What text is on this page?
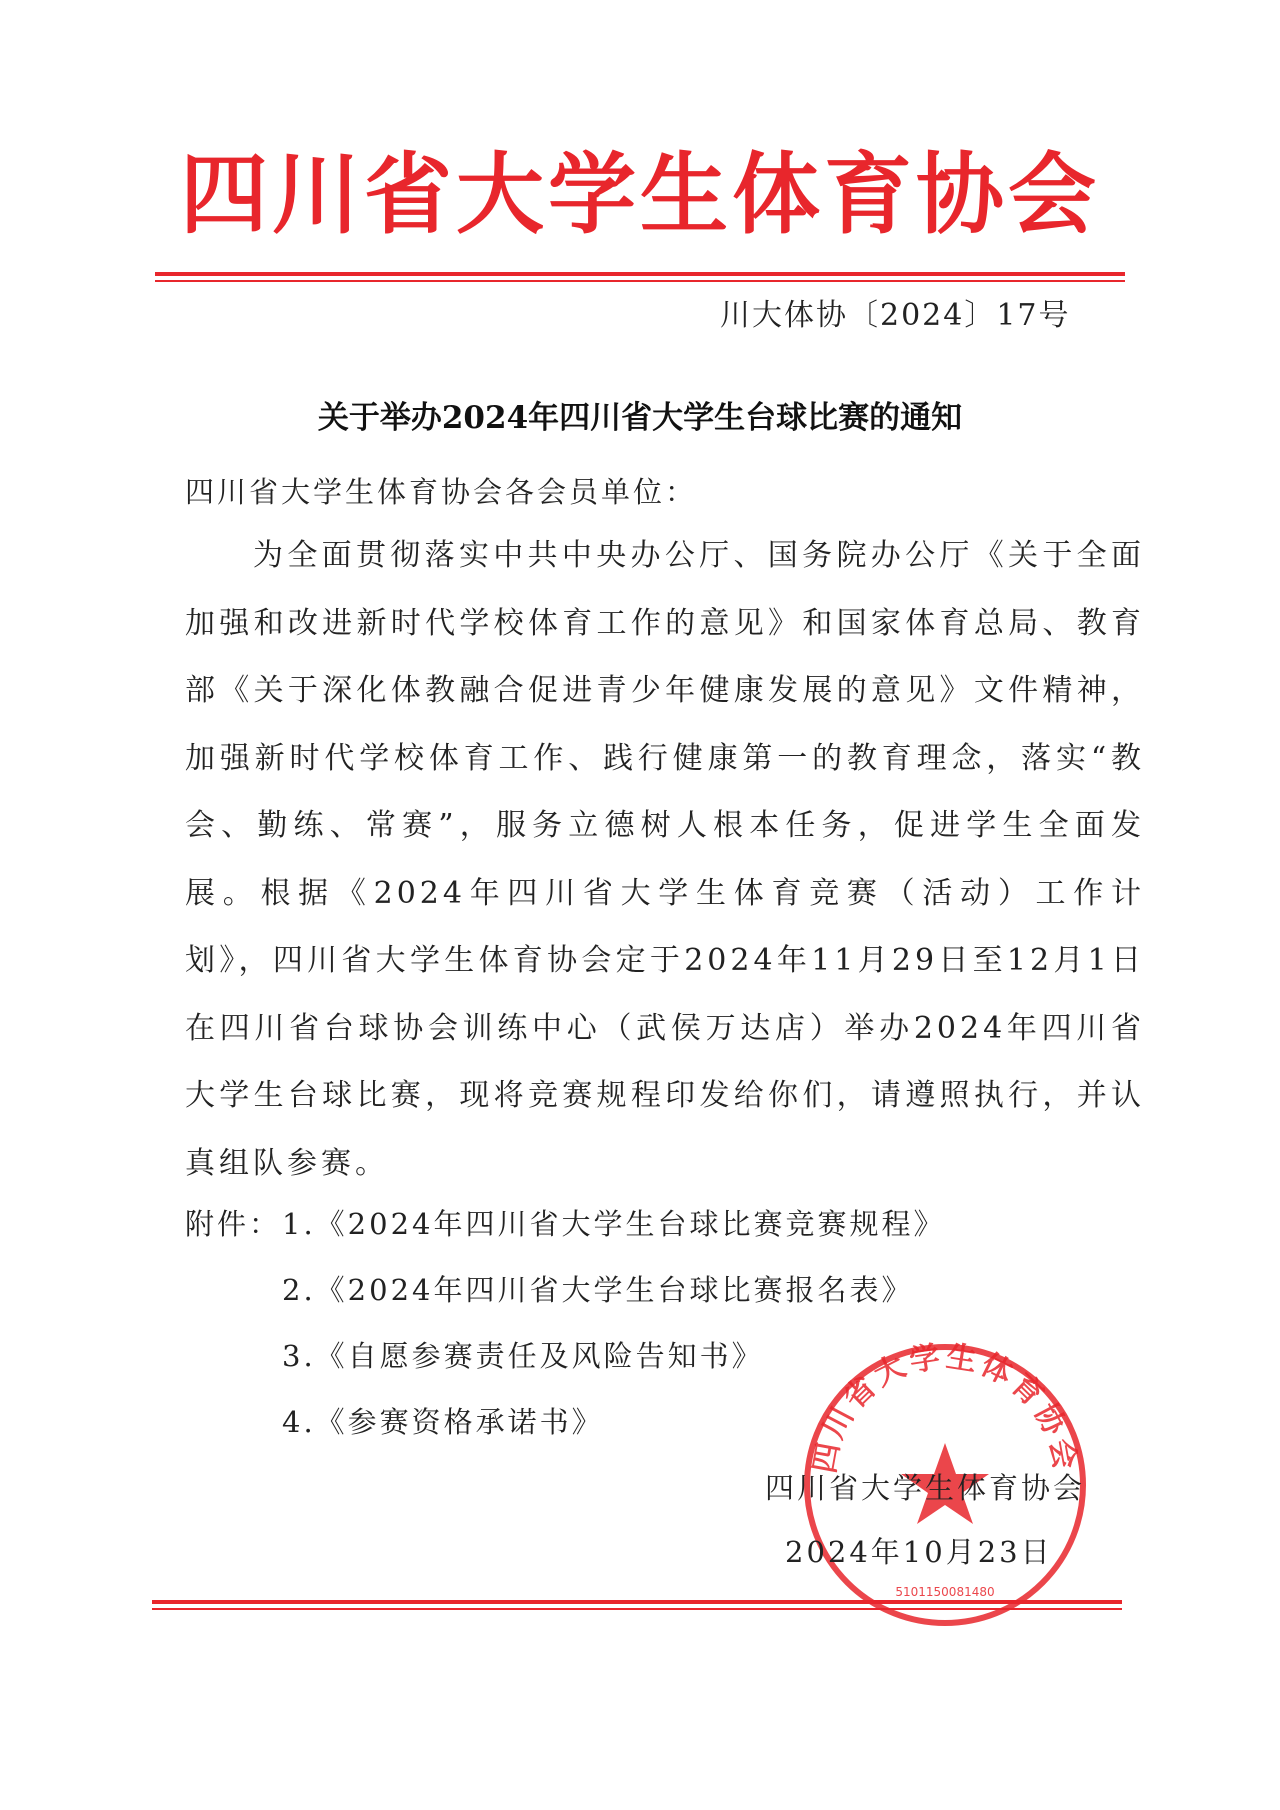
四川省大学生体育协会
川大体协〔2024〕17号
关于举办2024年四川省大学生台球比赛的通知
四川省大学生体育协会各会员单位：
为全面贯彻落实中共中央办公厅、国务院办公厅《关于全面加强和改进新时代学校体育工作的意见》和国家体育总局、教育部《关于深化体教融合促进青少年健康发展的意见》文件精神，加强新时代学校体育工作、践行健康第一的教育理念，落实“教会、勤练、常赛”，服务立德树人根本任务，促进学生全面发展。根据《2024年四川省大学生体育竞赛（活动）工作计划》，四川省大学生体育协会定于2024年11月29日至12月1日在四川省台球协会训练中心（武侯万达店）举办2024年四川省大学生台球比赛，现将竞赛规程印发给你们，请遵照执行，并认真组队参赛。
附件： 1.《2024年四川省大学生台球比赛竞赛规程》
2.《2024年四川省大学生台球比赛报名表》
3.《自愿参赛责任及风险告知书》
4.《参赛资格承诺书》
四川省大学生体育协会
5101150081480
四川省大学生体育协会
2024年10月23日
